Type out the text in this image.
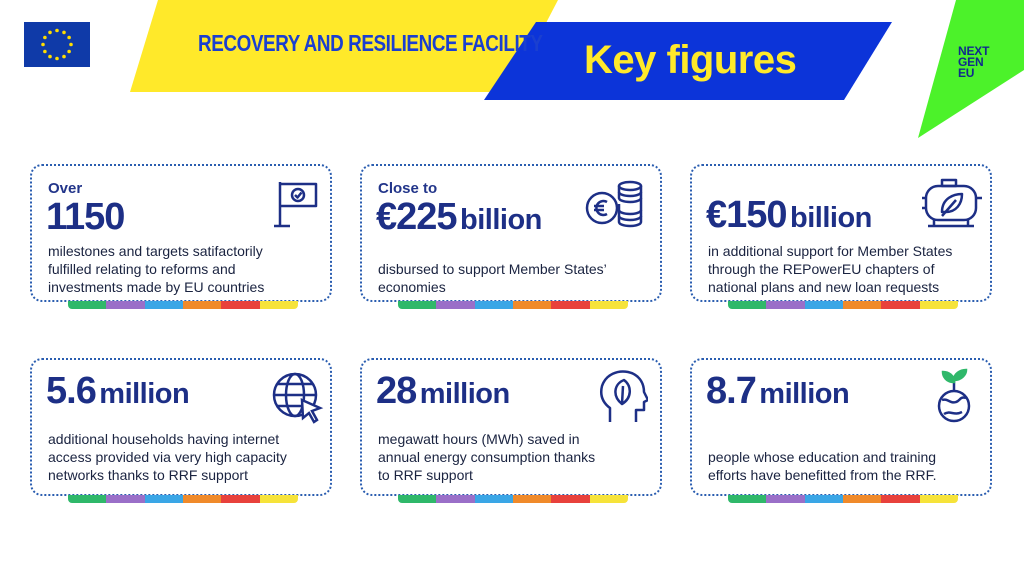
RECOVERY AND RESILIENCE FACILITY Key figures	NEXT
GEN
EU
Over
1150
milestones and targets satifactorily
fulfilled relating to reforms and
investments made by EU countries
Close to
€225 billion
disbursed to support Member States’
economies
€150 billion
in additional support for Member States
through the REPowerEU chapters of
national plans and new loan requests
5.6 million
additional households having internet
access provided via very high capacity
networks thanks to RRF support
28 million
megawatt hours (MWh) saved in
annual energy consumption thanks
to RRF support
8.7 million
people whose education and training
efforts have benefitted from the RRF.
